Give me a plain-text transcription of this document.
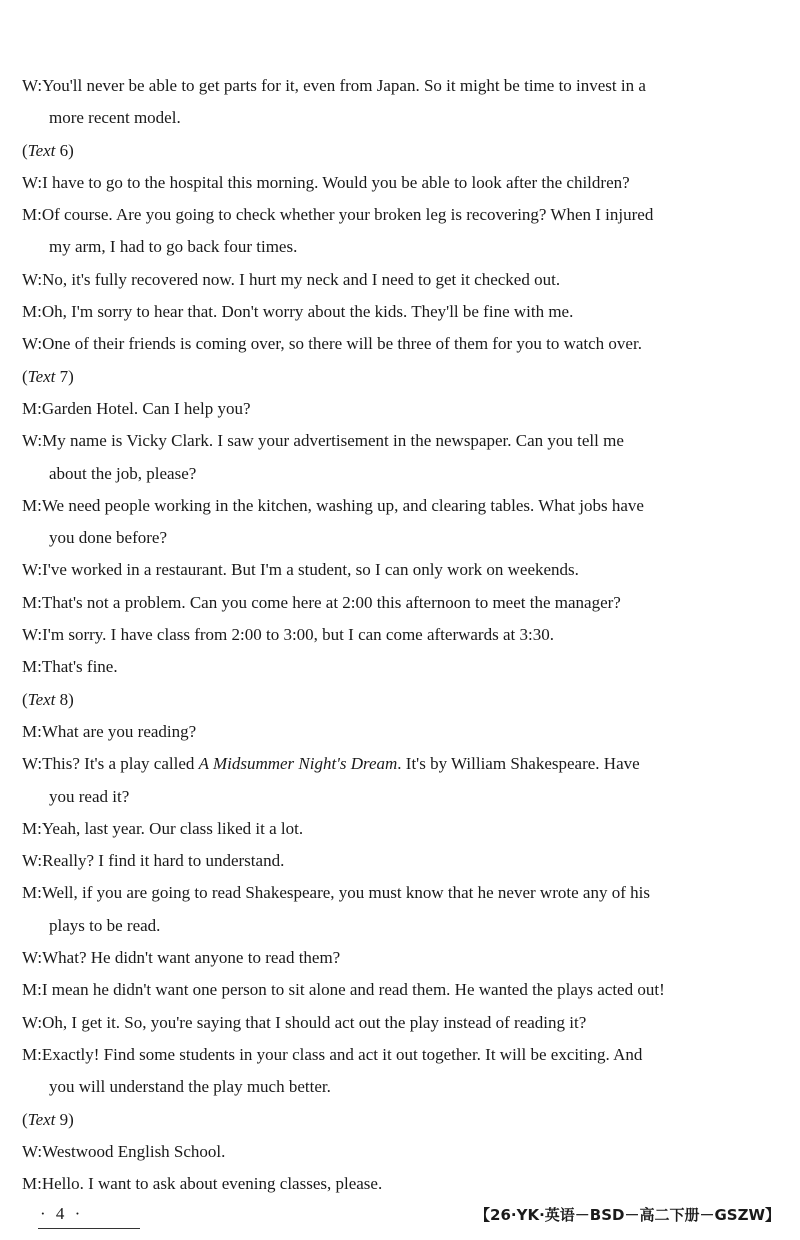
W:You'll never be able to get parts for it, even from Japan. So it might be time to invest in a
more recent model.
(Text 6)
W:I have to go to the hospital this morning. Would you be able to look after the children?
M:Of course. Are you going to check whether your broken leg is recovering? When I injured
my arm, I had to go back four times.
W:No, it's fully recovered now. I hurt my neck and I need to get it checked out.
M:Oh, I'm sorry to hear that. Don't worry about the kids. They'll be fine with me.
W:One of their friends is coming over, so there will be three of them for you to watch over.
(Text 7)
M:Garden Hotel. Can I help you?
W:My name is Vicky Clark. I saw your advertisement in the newspaper. Can you tell me
about the job, please?
M:We need people working in the kitchen, washing up, and clearing tables. What jobs have
you done before?
W:I've worked in a restaurant. But I'm a student, so I can only work on weekends.
M:That's not a problem. Can you come here at 2:00 this afternoon to meet the manager?
W:I'm sorry. I have class from 2:00 to 3:00, but I can come afterwards at 3:30.
M:That's fine.
(Text 8)
M:What are you reading?
W:This? It's a play called A Midsummer Night's Dream. It's by William Shakespeare. Have
you read it?
M:Yeah, last year. Our class liked it a lot.
W:Really? I find it hard to understand.
M:Well, if you are going to read Shakespeare, you must know that he never wrote any of his
plays to be read.
W:What? He didn't want anyone to read them?
M:I mean he didn't want one person to sit alone and read them. He wanted the plays acted out!
W:Oh, I get it. So, you're saying that I should act out the play instead of reading it?
M:Exactly! Find some students in your class and act it out together. It will be exciting. And
you will understand the play much better.
(Text 9)
W:Westwood English School.
M:Hello. I want to ask about evening classes, please.
· 4 ·	【26·YK·英语－BSD－高二下册－GSZW】
